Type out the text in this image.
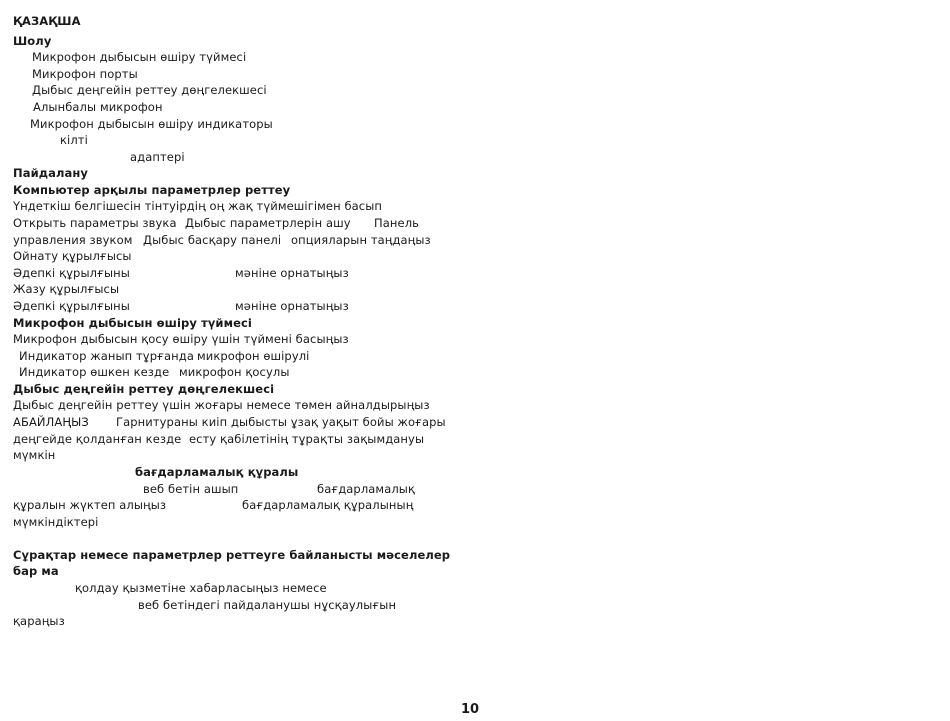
ҚАЗАҚША
Шолу
Микрофон дыбысын өшіру түймесі
Микрофон порты
Дыбыс деңгейін реттеу дөңгелекшесі
Алынбалы микрофон
Микрофон дыбысын өшіру индикаторы
кілті
адаптері
Пайдалану
Компьютер арқылы параметрлер реттеу
Үндеткіш белгішесін тінтуірдің оң жақ түймешігімен басып
Открыть параметры звука Дыбыс параметрлерін ашу Панель
управления звуком Дыбыс басқару панелі опцияларын таңдаңыз
Ойнату құрылғысы
Әдепкі құрылғыны	мәніне орнатыңыз
Жазу құрылғысы
Әдепкі құрылғыны	мәніне орнатыңыз
Микрофон дыбысын өшіру түймесі
Микрофон дыбысын қосу өшіру үшін түймені басыңыз
Индикатор жанып тұрғанда микрофон өшірулі
Индикатор өшкен кезде микрофон қосулы
Дыбыс деңгейін реттеу дөңгелекшесі
Дыбыс деңгейін реттеу үшін жоғары немесе төмен айналдырыңыз
АБАЙЛАҢЫЗ Гарнитураны киіп дыбысты ұзақ уақыт бойы жоғары
деңгейде қолданған кезде есту қабілетінің тұрақты зақымдануы
мүмкін
бағдарламалық құралы
веб бетін ашып	бағдарламалық
құралын жүктеп алыңыз	бағдарламалық құралының
мүмкіндіктері
Сұрақтар немесе параметрлер реттеуге байланысты мәселелер
бар ма
қолдау қызметіне хабарласыңыз немесе
веб бетіндегі пайдаланушы нұсқаулығын
қараңыз
10
